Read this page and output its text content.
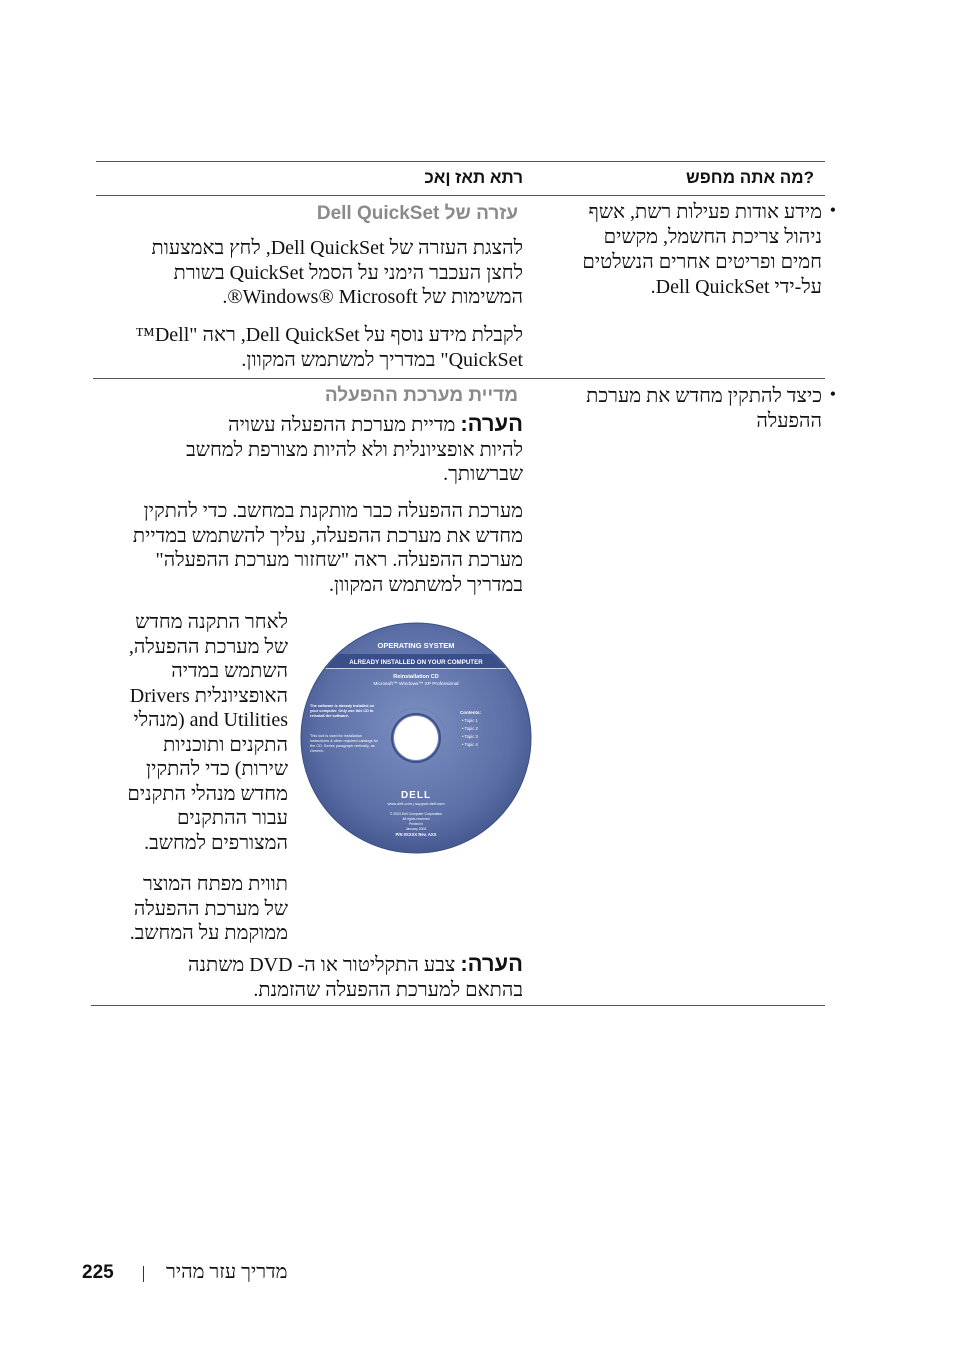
?מה אתה מחפש
רתא תאז ןאכ
•
מידע אודות פעילות רשת, אשף ניהול צריכת החשמל, מקשים חמים ופריטים אחרים הנשלטים על-ידי Dell QuickSet.
Dell QuickSet עזרה של
להצגת העזרה של Dell QuickSet, לחץ באמצעות
לחצן העכבר הימני על הסמל QuickSet בשורת
המשימות של Windows® Microsoft®.
לקבלת מידע נוסף על Dell QuickSet, ראה "Dell™
QuickSet" במדריך למשתמש המקוון.
•
כיצד להתקין מחדש את מערכת ההפעלה
מדיית מערכת ההפעלה
הערה: מדיית מערכת ההפעלה עשויה
להיות אופציונלית ולא להיות מצורפת למחשב
שברשותך.
מערכת ההפעלה כבר מותקנת במחשב. כדי להתקין
מחדש את מערכת ההפעלה, עליך להשתמש במדיית
מערכת ההפעלה. ראה "שחזור מערכת ההפעלה"
במדריך למשתמש המקוון.
לאחר התקנה מחדש
של מערכת ההפעלה,
השתמש במדיה
האופציונלית Drivers
and Utilities (מנהלי
התקנים ותוכניות
שירות) כדי להתקין
מחדש מנהלי התקנים
עבור ההתקנים
המצורפים למחשב.
תווית מפתח המוצר
של מערכת ההפעלה
ממוקמת על המחשב.
הערה: צבע התקליטור או ה- DVD משתנה
בהתאם למערכת ההפעלה שהזמנת.
OPERATING SYSTEM
ALREADY INSTALLED ON YOUR COMPUTER
Reinstallation CD
Microsoft™ Windows™ XP Professional
The software is already installed on your computer. Only use this CD to reinstall the software.
This tool is used for installation instructions & other required catalogs for the CD. Series paragraph vertically, as Generic.
Contents:
• Topic 1
• Topic 2
• Topic 3
• Topic 4
DELL
www.dell.com | support.dell.com
© 2003 Dell Computer Corporation
All rights reserved
Printed in
January 2003
P/N 0XXXX Rev. AXX
225	מדריך עזר מהיר
